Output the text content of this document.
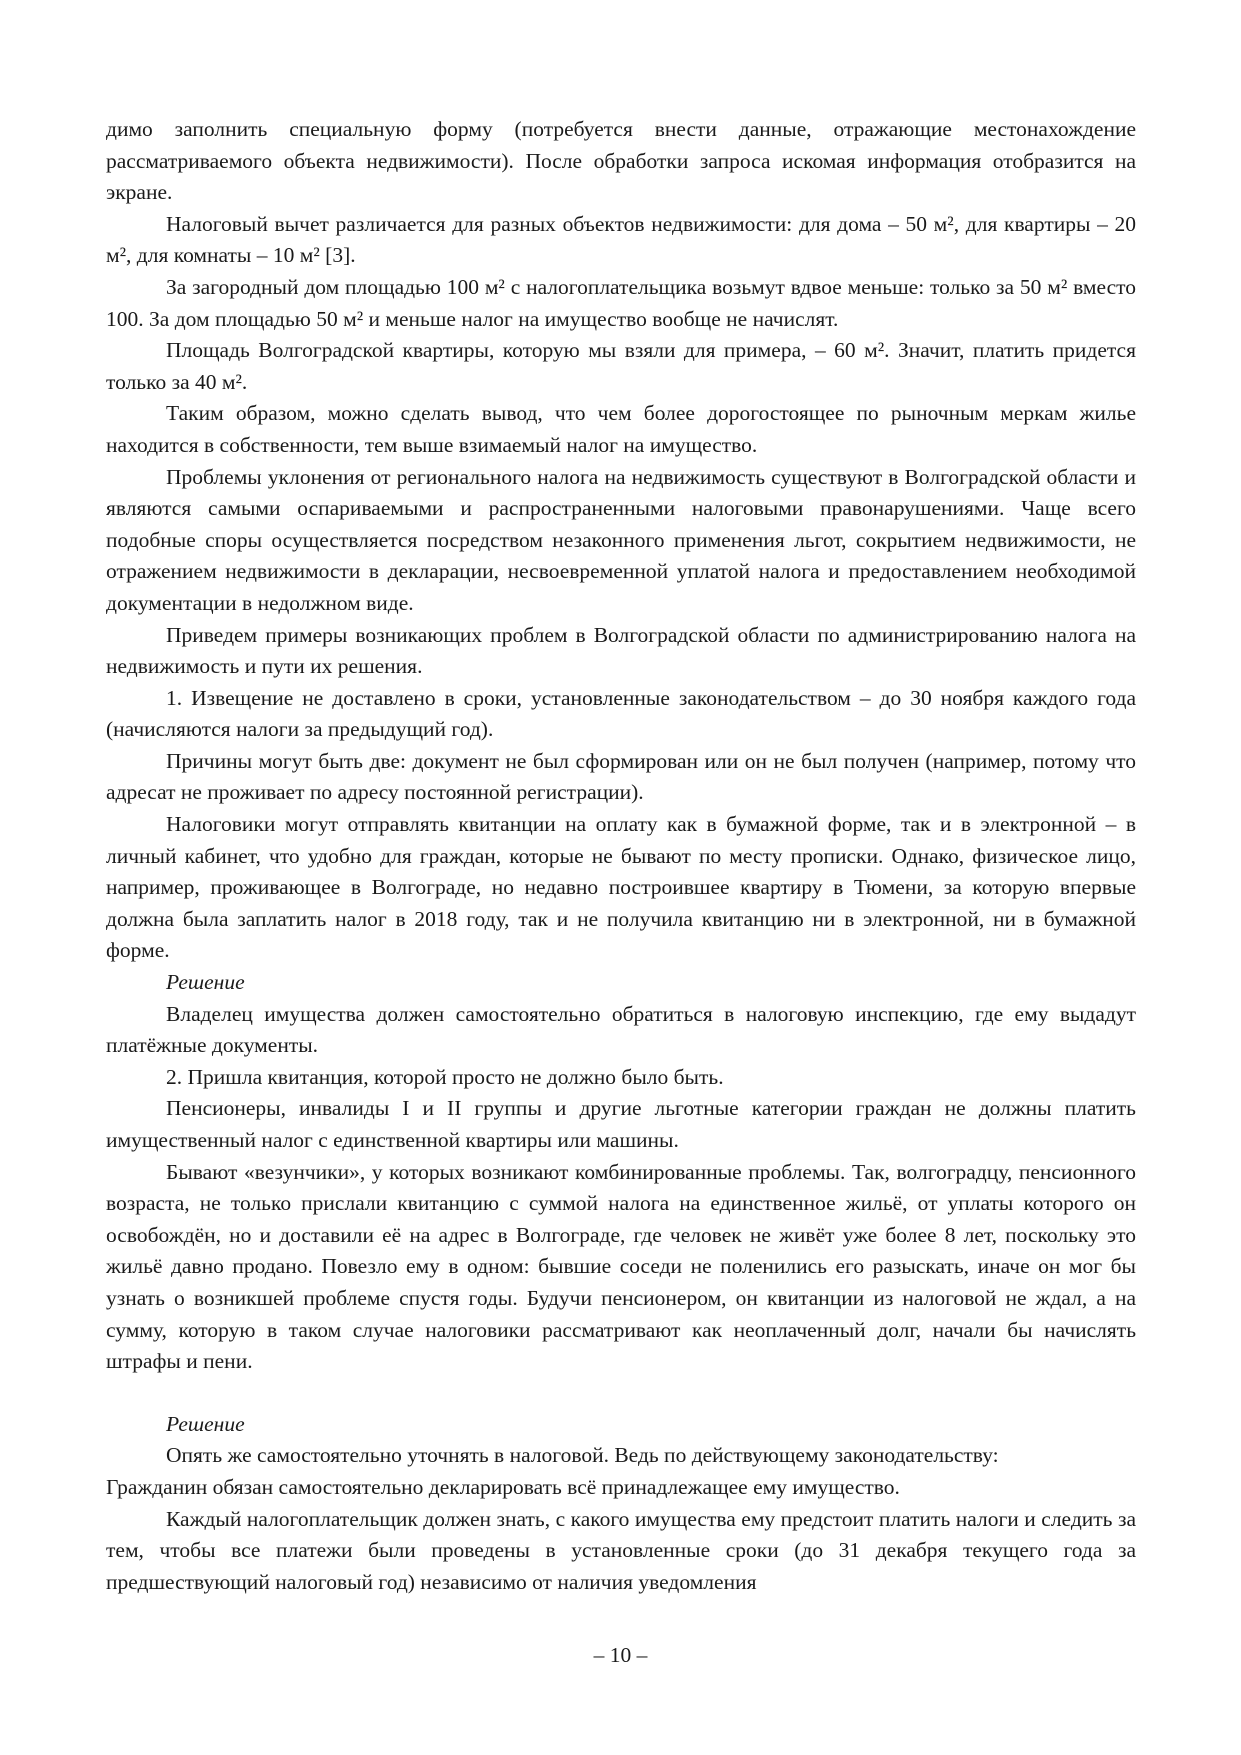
димо заполнить специальную форму (потребуется внести данные, отражающие местонахождение рассматриваемого объекта недвижимости). После обработки запроса искомая информация отобразится на экране.

Налоговый вычет различается для разных объектов недвижимости: для дома – 50 м², для квартиры – 20 м², для комнаты – 10 м² [3].

За загородный дом площадью 100 м² с налогоплательщика возьмут вдвое меньше: только за 50 м² вместо 100. За дом площадью 50 м² и меньше налог на имущество вообще не начислят.

Площадь Волгоградской квартиры, которую мы взяли для примера, – 60 м². Значит, платить придется только за 40 м².

Таким образом, можно сделать вывод, что чем более дорогостоящее по рыночным меркам жилье находится в собственности, тем выше взимаемый налог на имущество.

Проблемы уклонения от регионального налога на недвижимость существуют в Волгоградской области и являются самыми оспариваемыми и распространенными налоговыми правонарушениями. Чаще всего подобные споры осуществляется посредством незаконного применения льгот, сокрытием недвижимости, не отражением недвижимости в декларации, несвоевременной уплатой налога и предоставлением необходимой документации в недолжном виде.

Приведем примеры возникающих проблем в Волгоградской области по администрированию налога на недвижимость и пути их решения.

1. Извещение не доставлено в сроки, установленные законодательством – до 30 ноября каждого года (начисляются налоги за предыдущий год).

Причины могут быть две: документ не был сформирован или он не был получен (например, потому что адресат не проживает по адресу постоянной регистрации).

Налоговики могут отправлять квитанции на оплату как в бумажной форме, так и в электронной – в личный кабинет, что удобно для граждан, которые не бывают по месту прописки. Однако, физическое лицо, например, проживающее в Волгограде, но недавно построившее квартиру в Тюмени, за которую впервые должна была заплатить налог в 2018 году, так и не получила квитанцию ни в электронной, ни в бумажной форме.

Решение

Владелец имущества должен самостоятельно обратиться в налоговую инспекцию, где ему выдадут платёжные документы.

2. Пришла квитанция, которой просто не должно было быть.

Пенсионеры, инвалиды I и II группы и другие льготные категории граждан не должны платить имущественный налог с единственной квартиры или машины.

Бывают «везунчики», у которых возникают комбинированные проблемы. Так, волгоградцу, пенсионного возраста, не только прислали квитанцию с суммой налога на единственное жильё, от уплаты которого он освобождён, но и доставили её на адрес в Волгограде, где человек не живёт уже более 8 лет, поскольку это жильё давно продано. Повезло ему в одном: бывшие соседи не поленились его разыскать, иначе он мог бы узнать о возникшей проблеме спустя годы. Будучи пенсионером, он квитанции из налоговой не ждал, а на сумму, которую в таком случае налоговики рассматривают как неоплаченный долг, начали бы начислять штрафы и пени.

Решение

Опять же самостоятельно уточнять в налоговой. Ведь по действующему законодательству:

Гражданин обязан самостоятельно декларировать всё принадлежащее ему имущество.

Каждый налогоплательщик должен знать, с какого имущества ему предстоит платить налоги и следить за тем, чтобы все платежи были проведены в установленные сроки (до 31 декабря текущего года за предшествующий налоговый год) независимо от наличия уведомления

– 10 –
